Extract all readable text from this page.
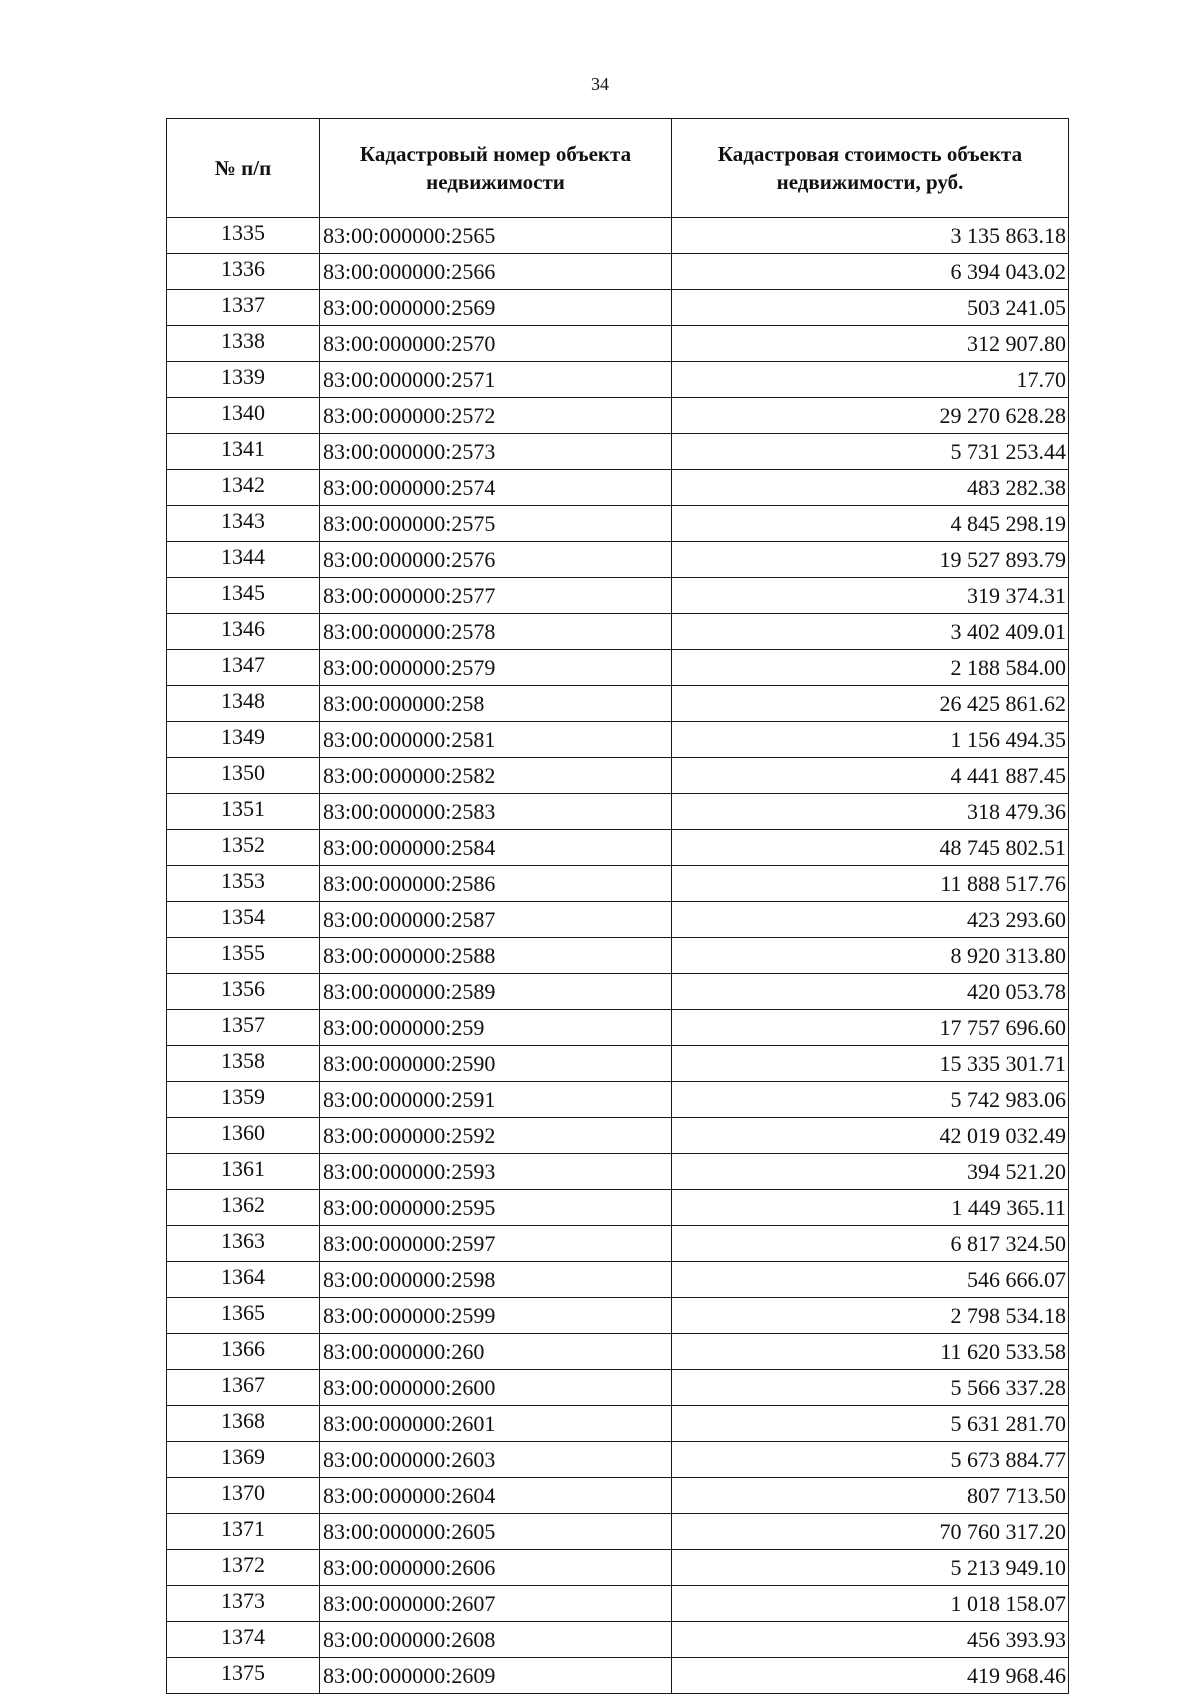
34
№ п/п	Кадастровый номер объекта недвижимости	Кадастровая стоимость объекта недвижимости, руб.
1335	83:00:000000:2565	3 135 863.18
1336	83:00:000000:2566	6 394 043.02
1337	83:00:000000:2569	503 241.05
1338	83:00:000000:2570	312 907.80
1339	83:00:000000:2571	17.70
1340	83:00:000000:2572	29 270 628.28
1341	83:00:000000:2573	5 731 253.44
1342	83:00:000000:2574	483 282.38
1343	83:00:000000:2575	4 845 298.19
1344	83:00:000000:2576	19 527 893.79
1345	83:00:000000:2577	319 374.31
1346	83:00:000000:2578	3 402 409.01
1347	83:00:000000:2579	2 188 584.00
1348	83:00:000000:258	26 425 861.62
1349	83:00:000000:2581	1 156 494.35
1350	83:00:000000:2582	4 441 887.45
1351	83:00:000000:2583	318 479.36
1352	83:00:000000:2584	48 745 802.51
1353	83:00:000000:2586	11 888 517.76
1354	83:00:000000:2587	423 293.60
1355	83:00:000000:2588	8 920 313.80
1356	83:00:000000:2589	420 053.78
1357	83:00:000000:259	17 757 696.60
1358	83:00:000000:2590	15 335 301.71
1359	83:00:000000:2591	5 742 983.06
1360	83:00:000000:2592	42 019 032.49
1361	83:00:000000:2593	394 521.20
1362	83:00:000000:2595	1 449 365.11
1363	83:00:000000:2597	6 817 324.50
1364	83:00:000000:2598	546 666.07
1365	83:00:000000:2599	2 798 534.18
1366	83:00:000000:260	11 620 533.58
1367	83:00:000000:2600	5 566 337.28
1368	83:00:000000:2601	5 631 281.70
1369	83:00:000000:2603	5 673 884.77
1370	83:00:000000:2604	807 713.50
1371	83:00:000000:2605	70 760 317.20
1372	83:00:000000:2606	5 213 949.10
1373	83:00:000000:2607	1 018 158.07
1374	83:00:000000:2608	456 393.93
1375	83:00:000000:2609	419 968.46
